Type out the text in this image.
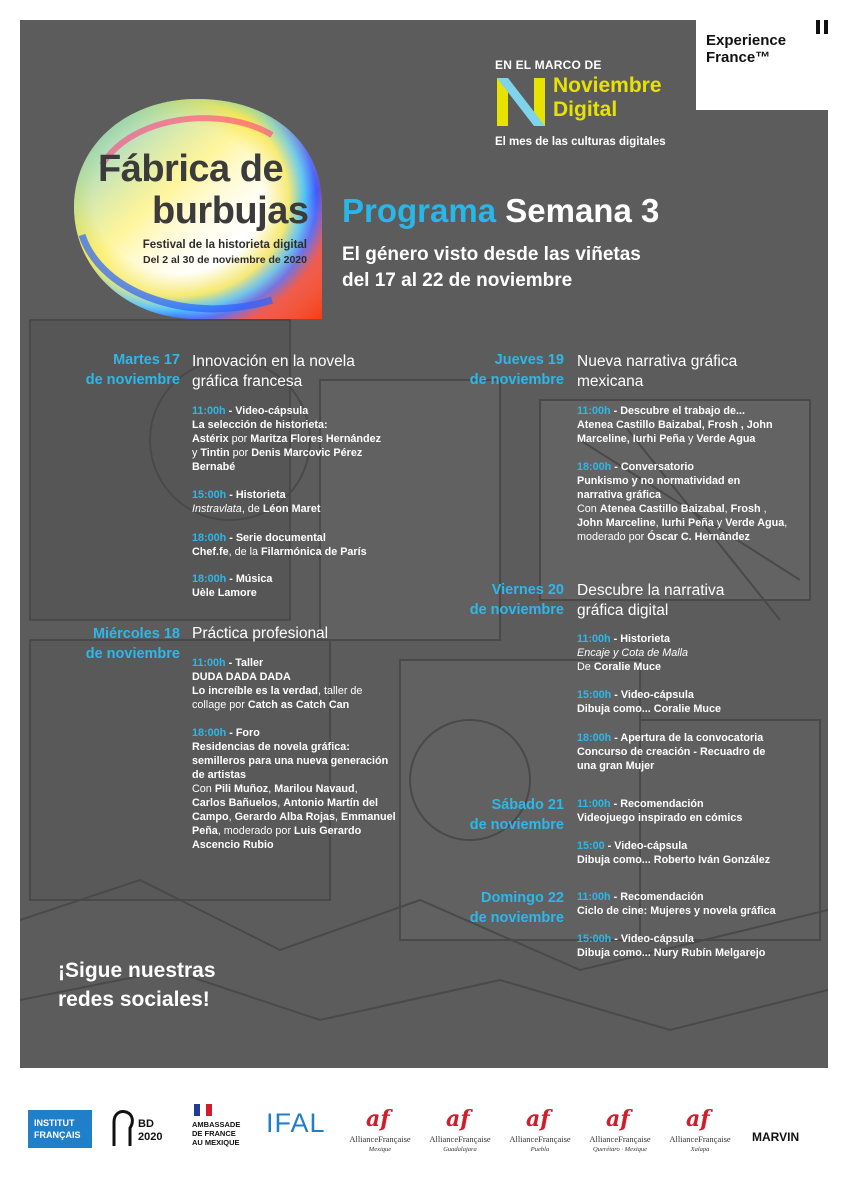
EN EL MARCO DE
Noviembre
Digital
El mes de las culturas digitales
Experience
France™
Fábrica de
burbujas
Festival de la historieta digital
Del 2 al 30 de noviembre de 2020
Programa Semana 3
El género visto desde las viñetas
del 17 al 22 de noviembre
Martes 17
de noviembre
Innovación en la novela
gráfica francesa
11:00h - Video-cápsula
La selección de historieta:
Astérix por Maritza Flores Hernández
y Tintin por Denis Marcovic Pérez
Bernabé
15:00h - Historieta
Instravlata, de Léon Maret
18:00h - Serie documental
Chef.fe, de la Filarmónica de París
18:00h - Música
Uèle Lamore
Miércoles 18
de noviembre
Práctica profesional
11:00h - Taller
DUDA DADA DADA
Lo increíble es la verdad, taller de
collage por Catch as Catch Can
18:00h - Foro
Residencias de novela gráfica:
semilleros para una nueva generación
de artistas
Con Pili Muñoz, Marilou Navaud,
Carlos Bañuelos, Antonio Martín del
Campo, Gerardo Alba Rojas, Emmanuel
Peña, moderado por Luis Gerardo
Ascencio Rubio
Jueves 19
de noviembre
Nueva narrativa gráfica
mexicana
11:00h - Descubre el trabajo de...
Atenea Castillo Baizabal, Frosh , John
Marceline, Iurhi Peña y Verde Agua
18:00h - Conversatorio
Punkismo y no normatividad en
narrativa gráfica
Con Atenea Castillo Baizabal, Frosh ,
John Marceline, Iurhi Peña y Verde Agua,
moderado por Óscar C. Hernández
Viernes 20
de noviembre
Descubre la narrativa
gráfica digital
11:00h - Historieta
Encaje y Cota de Malla
De Coralie Muce
15:00h - Video-cápsula
Dibuja como... Coralie Muce
18:00h - Apertura de la convocatoria
Concurso de creación - Recuadro de
una gran Mujer
Sábado 21
de noviembre
11:00h - Recomendación
Videojuego inspirado en cómics
15:00 - Video-cápsula
Dibuja como... Roberto Iván González
Domingo 22
de noviembre
11:00h - Recomendación
Ciclo de cine: Mujeres y novela gráfica
15:00h - Video-cápsula
Dibuja como... Nury Rubín Melgarejo
¡Sigue nuestras
redes sociales!
INSTITUT
FRANÇAIS
BD
2020
AMBASSADE
DE FRANCE
AU MEXIQUE
IFAL af
AllianceFrançaise
Mexique
af
AllianceFrançaise
Guadalajara
af
AllianceFrançaise
Puebla
af
AllianceFrançaise
Querétaro · Mexique
af
AllianceFrançaise
Xalapa
MARVIN
